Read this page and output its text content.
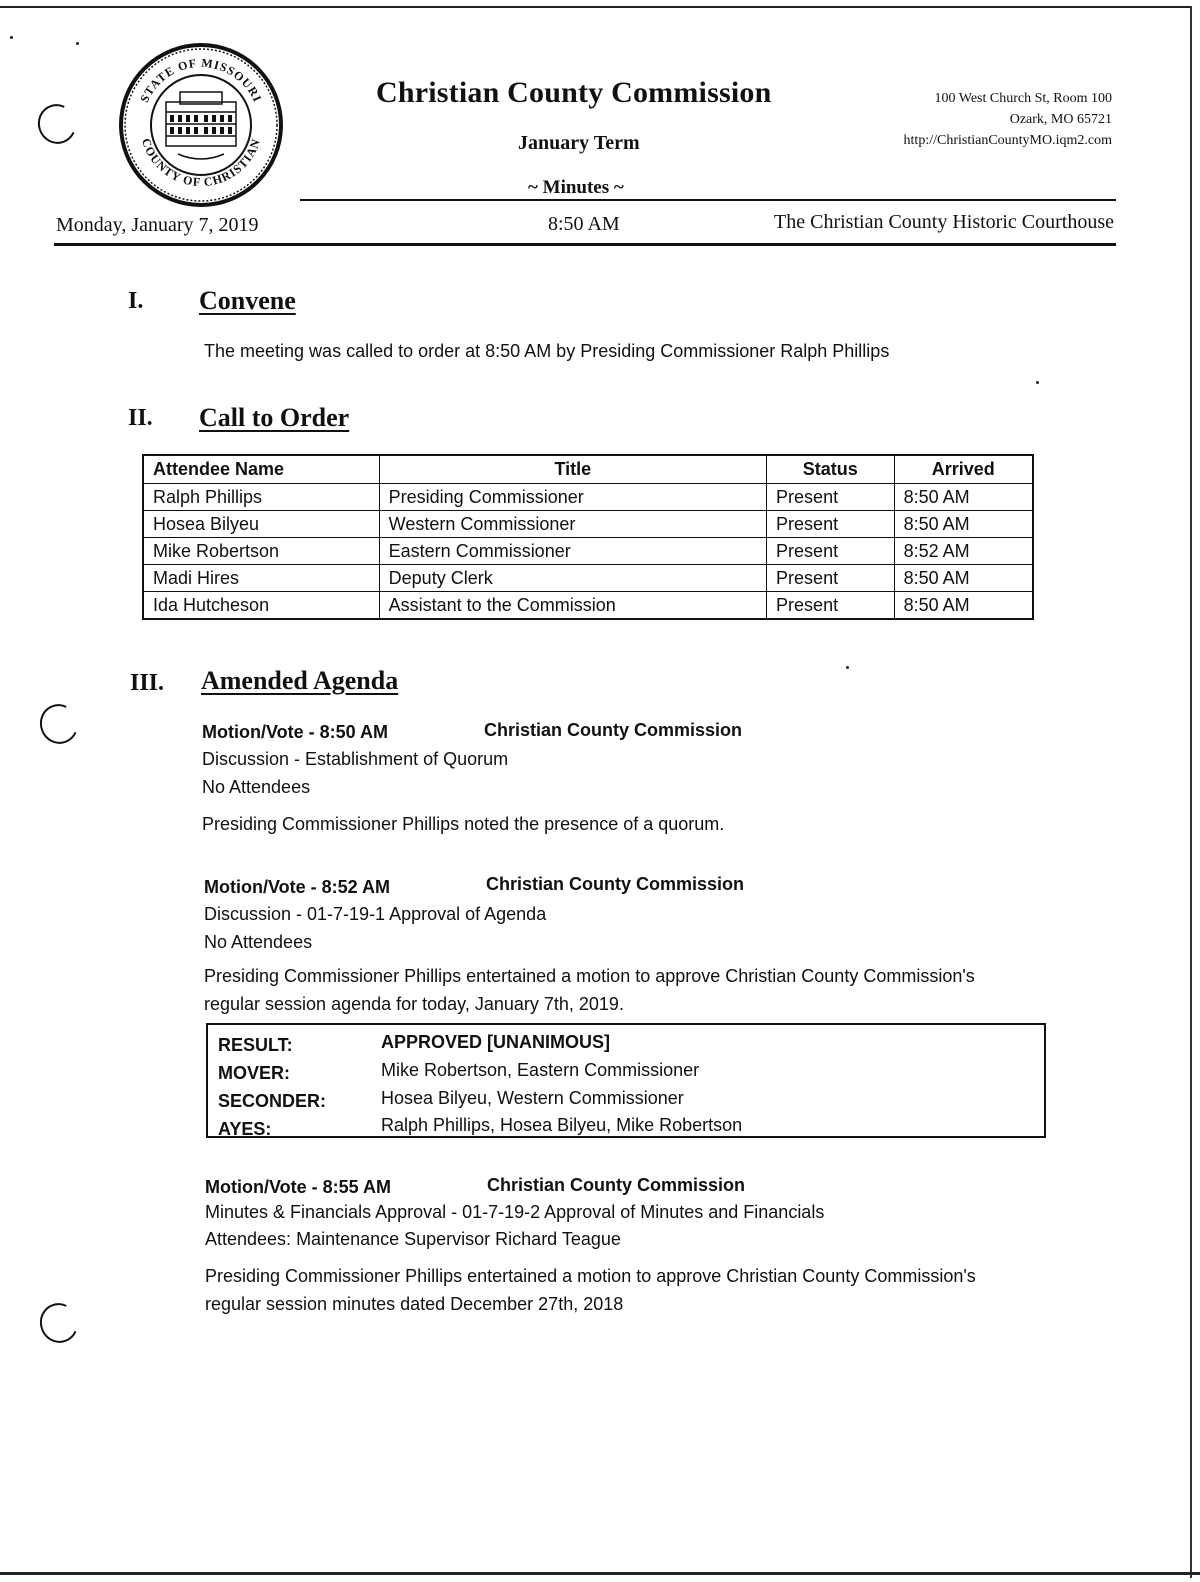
STATE OF MISSOURI
COUNTY OF CHRISTIAN
Christian County Commission
January Term
~ Minutes ~
100 West Church St, Room 100
Ozark, MO 65721
http://ChristianCountyMO.iqm2.com
Monday, January 7, 2019	8:50 AM	The Christian County Historic Courthouse
I. Convene
The meeting was called to order at 8:50 AM by Presiding Commissioner Ralph Phillips
II. Call to Order
Attendee Name	Title	Status	Arrived
Ralph Phillips	Presiding Commissioner	Present	8:50 AM
Hosea Bilyeu	Western Commissioner	Present	8:50 AM
Mike Robertson	Eastern Commissioner	Present	8:52 AM
Madi Hires	Deputy Clerk	Present	8:50 AM
Ida Hutcheson	Assistant to the Commission	Present	8:50 AM
III. Amended Agenda
Motion/Vote - 8:50 AM	Christian County Commission
Discussion - Establishment of Quorum
No Attendees
Presiding Commissioner Phillips noted the presence of a quorum.
Motion/Vote - 8:52 AM	Christian County Commission
Discussion - 01-7-19-1 Approval of Agenda
No Attendees
Presiding Commissioner Phillips entertained a motion to approve Christian County Commission's
regular session agenda for today, January 7th, 2019.
RESULT:	APPROVED [UNANIMOUS]
MOVER:	Mike Robertson, Eastern Commissioner
SECONDER:	Hosea Bilyeu, Western Commissioner
AYES:	Ralph Phillips, Hosea Bilyeu, Mike Robertson
Motion/Vote - 8:55 AM	Christian County Commission
Minutes & Financials Approval - 01-7-19-2 Approval of Minutes and Financials
Attendees: Maintenance Supervisor Richard Teague
Presiding Commissioner Phillips entertained a motion to approve Christian County Commission's
regular session minutes dated December 27th, 2018
